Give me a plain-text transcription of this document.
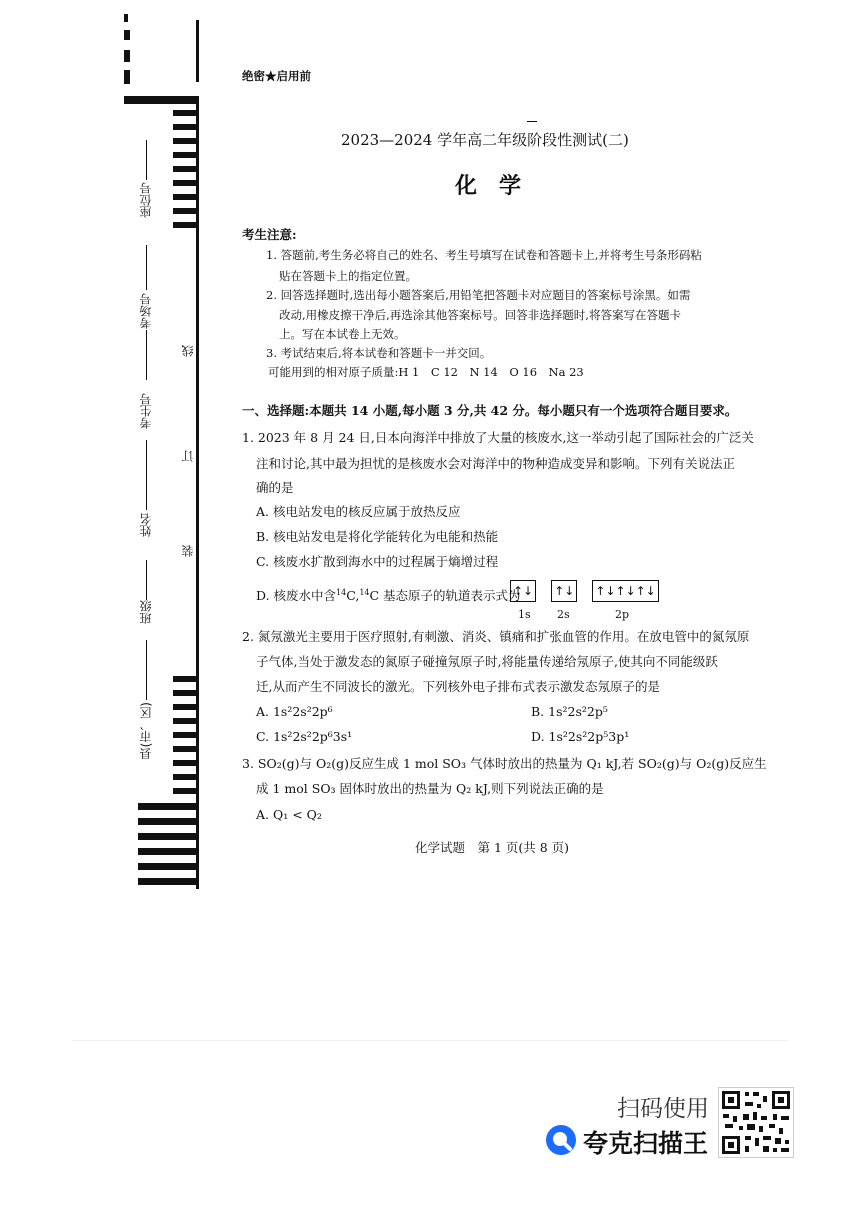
座位号
考场号
考生号
姓名
班级
县(市、区)
线
订
装
绝密★启用前
2023—2024 学年高二年级阶段性测试(二)
化学
考生注意:
1. 答题前,考生务必将自己的姓名、考生号填写在试卷和答题卡上,并将考生号条形码粘
贴在答题卡上的指定位置。
2. 回答选择题时,选出每小题答案后,用铅笔把答题卡对应题目的答案标号涂黑。如需
改动,用橡皮擦干净后,再选涂其他答案标号。回答非选择题时,将答案写在答题卡
上。写在本试卷上无效。
3. 考试结束后,将本试卷和答题卡一并交回。
可能用到的相对原子质量:H 1　C 12　N 14　O 16　Na 23
一、选择题:本题共 14 小题,每小题 3 分,共 42 分。每小题只有一个选项符合题目要求。
1. 2023 年 8 月 24 日,日本向海洋中排放了大量的核废水,这一举动引起了国际社会的广泛关
注和讨论,其中最为担忧的是核废水会对海洋中的物种造成变异和影响。下列有关说法正
确的是
A. 核电站发电的核反应属于放热反应
B. 核电站发电是将化学能转化为电能和热能
C. 核废水扩散到海水中的过程属于熵增过程
D. 核废水中含$^{14}$C,$^{14}$C 基态原子的轨道表示式为
↑↓ ↑↓ ↑↓↑↓↑↓
1s 2s	2p
2. 氮氖激光主要用于医疗照射,有刺激、消炎、镇痛和扩张血管的作用。在放电管中的氮氖原
子气体,当处于激发态的氮原子碰撞氖原子时,将能量传递给氖原子,使其向不同能级跃
迁,从而产生不同波长的激光。下列核外电子排布式表示激发态氖原子的是
A. 1s²2s²2p⁶	B. 1s²2s²2p⁵
C. 1s²2s²2p⁶3s¹	D. 1s²2s²2p⁵3p¹
3. SO₂(g)与 O₂(g)反应生成 1 mol SO₃ 气体时放出的热量为 Q₁ kJ,若 SO₂(g)与 O₂(g)反应生
成 1 mol SO₃ 固体时放出的热量为 Q₂ kJ,则下列说法正确的是
A. Q₁ < Q₂
化学试题　第 1 页(共 8 页)
扫码使用
夸克扫描王
